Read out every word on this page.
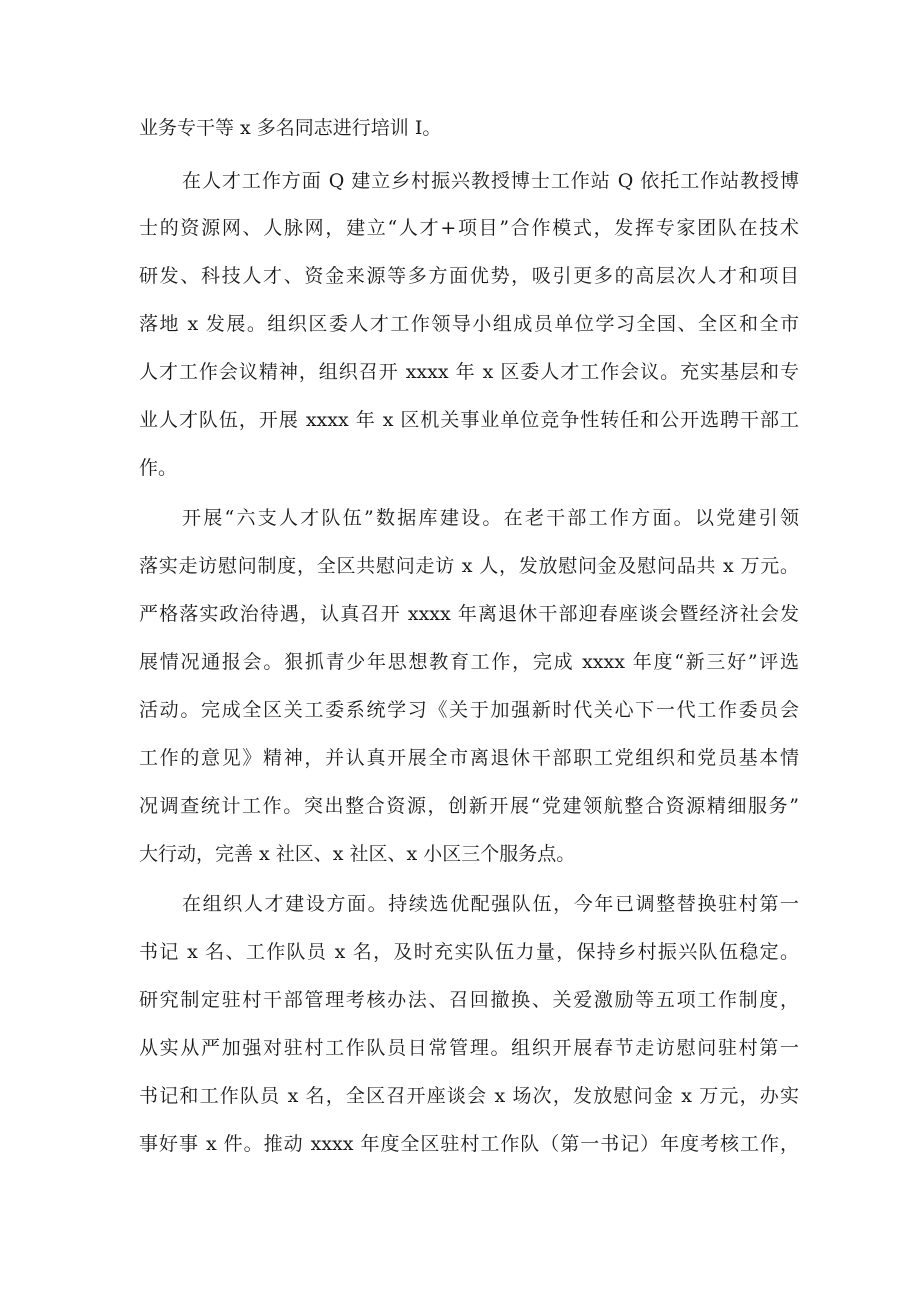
业务专干等 x 多名同志进行培训 I。
在人才工作方面 Q 建立乡村振兴教授博士工作站 Q 依托工作站教授博
士的资源网、人脉网，建立“人才+项目”合作模式，发挥专家团队在技术
研发、科技人才、资金来源等多方面优势，吸引更多的高层次人才和项目
落地 x 发展。组织区委人才工作领导小组成员单位学习全国、全区和全市
人才工作会议精神，组织召开 xxxx 年 x 区委人才工作会议。充实基层和专
业人才队伍，开展 xxxx 年 x 区机关事业单位竞争性转任和公开选聘干部工
作。
开展“六支人才队伍”数据库建设。在老干部工作方面。以党建引领
落实走访慰问制度，全区共慰问走访 x 人，发放慰问金及慰问品共 x 万元。
严格落实政治待遇，认真召开 xxxx 年离退休干部迎春座谈会暨经济社会发
展情况通报会。狠抓青少年思想教育工作，完成 xxxx 年度“新三好”评选
活动。完成全区关工委系统学习《关于加强新时代关心下一代工作委员会
工作的意见》精神，并认真开展全市离退休干部职工党组织和党员基本情
况调查统计工作。突出整合资源，创新开展“党建领航整合资源精细服务”
大行动，完善 x 社区、x 社区、x 小区三个服务点。
在组织人才建设方面。持续选优配强队伍，今年已调整替换驻村第一
书记 x 名、工作队员 x 名，及时充实队伍力量，保持乡村振兴队伍稳定。
研究制定驻村干部管理考核办法、召回撤换、关爱激励等五项工作制度，
从实从严加强对驻村工作队员日常管理。组织开展春节走访慰问驻村第一
书记和工作队员 x 名，全区召开座谈会 x 场次，发放慰问金 x 万元，办实
事好事 x 件。推动 xxxx 年度全区驻村工作队（第一书记）年度考核工作，
